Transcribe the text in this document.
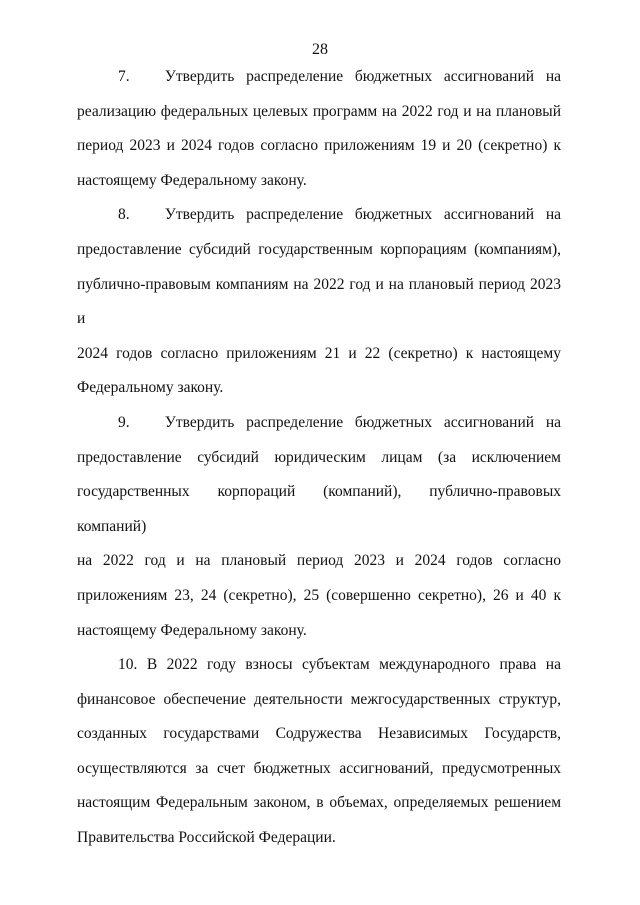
28

7.   Утвердить распределение бюджетных ассигнований на
реализацию федеральных целевых программ на 2022 год и на плановый
период 2023 и 2024 годов согласно приложениям 19 и 20 (секретно) к
настоящему Федеральному закону.

8.   Утвердить распределение бюджетных ассигнований на
предоставление субсидий государственным корпорациям (компаниям),
публично-правовым компаниям на 2022 год и на плановый период 2023 и
2024 годов согласно приложениям 21 и 22 (секретно) к настоящему
Федеральному закону.

9.   Утвердить распределение бюджетных ассигнований на
предоставление субсидий юридическим лицам (за исключением
государственных корпораций (компаний), публично-правовых компаний)
на 2022 год и на плановый период 2023 и 2024 годов согласно
приложениям 23, 24 (секретно), 25 (совершенно секретно), 26 и 40 к
настоящему Федеральному закону.

10. В 2022 году взносы субъектам международного права на
финансовое обеспечение деятельности межгосударственных структур,
созданных государствами Содружества Независимых Государств,
осуществляются за счет бюджетных ассигнований, предусмотренных
настоящим Федеральным законом, в объемах, определяемых решением
Правительства Российской Федерации.
